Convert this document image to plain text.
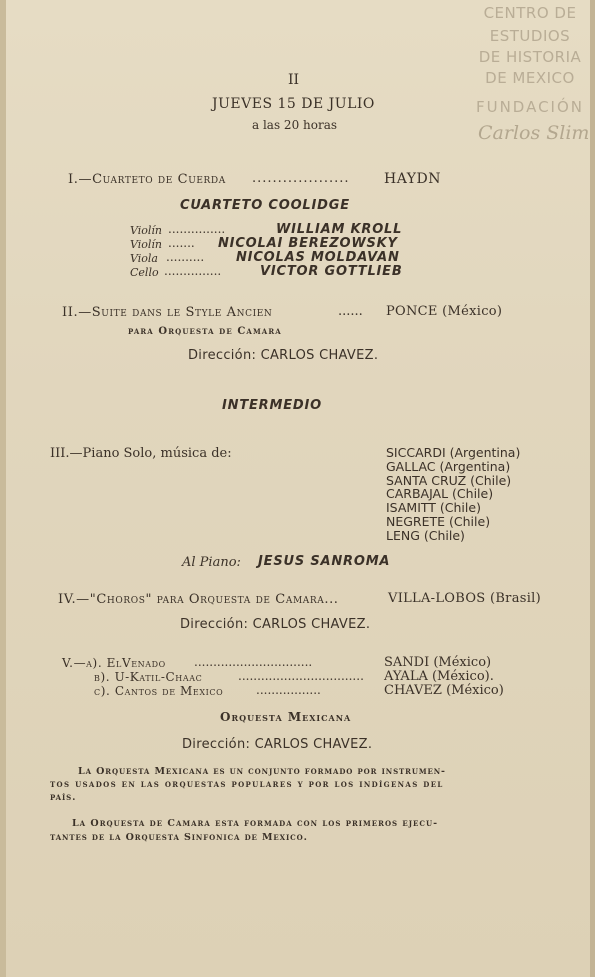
CENTRO DE
ESTUDIOS
DE HISTORIA
DE MEXICO
FUNDACIÓN
Carlos Slim
II
JUEVES 15 DE JULIO
a las 20 horas
I.—Cuarteto de Cuerda ................... HAYDN
CUARTETO COOLIDGE
Violín ...............	WILLIAM KROLL
Violín ....... NICOLAI BEREZOWSKY
Viola .......... NICOLAS MOLDAVAN
Cello ...............	VICTOR GOTTLIEB
II.—Suite dans le Style Ancien	...... PONCE (México)
para Orquesta de Camara
Dirección: CARLOS CHAVEZ.
INTERMEDIO
III.—Piano Solo, música de:	SICCARDI (Argentina)
GALLAC (Argentina)
SANTA CRUZ (Chile)
CARBAJAL (Chile)
ISAMITT (Chile)
NEGRETE (Chile)
LENG (Chile)
Al Piano: JESUS SANROMA
IV.—"Choros" para Orquesta de Camara...	VILLA-LOBOS (Brasil)
Dirección: CARLOS CHAVEZ.
V.—a). ElVenado ...............................	SANDI (México)
b). U-Katil-Chaac	................................. AYALA (México).
c). Cantos de Mexico	.................	CHAVEZ (México)
Orquesta Mexicana
Dirección: CARLOS CHAVEZ.
La Orquesta Mexicana es un conjunto formado por instrumen-
tos usados en las orquestas populares y por los indígenas del
país.
La Orquesta de Camara esta formada con los primeros ejecu-
tantes de la Orquesta Sinfonica de Mexico.
